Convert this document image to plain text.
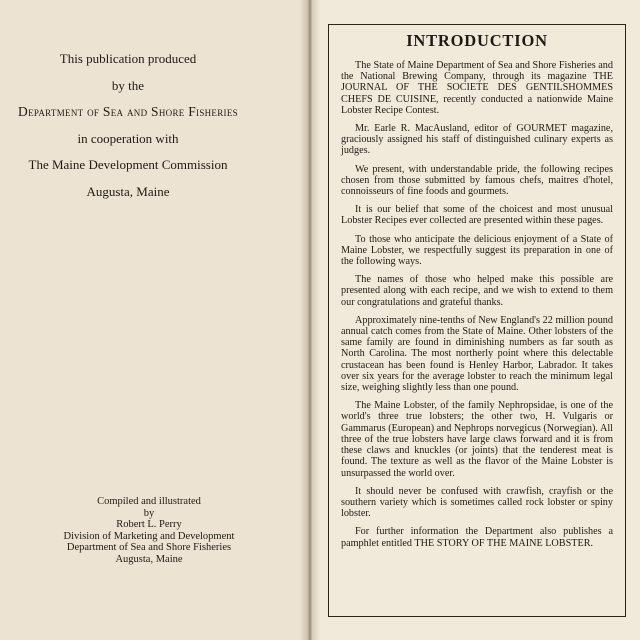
This publication produced
by the
Department of Sea and Shore Fisheries
in cooperation with
The Maine Development Commission
Augusta, Maine
Compiled and illustrated
by
Robert L. Perry
Division of Marketing and Development
Department of Sea and Shore Fisheries
Augusta, Maine
INTRODUCTION

The State of Maine Department of Sea and Shore Fisheries and the National Brewing Company, through its magazine THE JOURNAL OF THE SOCIETE DES GENTILSHOMMES CHEFS DE CUISINE, recently conducted a nationwide Maine Lobster Recipe Contest.

Mr. Earle R. MacAusland, editor of GOURMET magazine, graciously assigned his staff of distinguished culinary experts as judges.

We present, with understandable pride, the following recipes chosen from those submitted by famous chefs, maitres d'hotel, connoisseurs of fine foods and gourmets.

It is our belief that some of the choicest and most unusual Lobster Recipes ever collected are presented within these pages.

To those who anticipate the delicious enjoyment of a State of Maine Lobster, we respectfully suggest its preparation in one of the following ways.

The names of those who helped make this possible are presented along with each recipe, and we wish to extend to them our congratulations and grateful thanks.

Approximately nine-tenths of New England's 22 million pound annual catch comes from the State of Maine. Other lobsters of the same family are found in diminishing numbers as far south as North Carolina. The most northerly point where this delectable crustacean has been found is Henley Harbor, Labrador. It takes over six years for the average lobster to reach the minimum legal size, weighing slightly less than one pound.

The Maine Lobster, of the family Nephropsidae, is one of the world's three true lobsters; the other two, H. Vulgaris or Gammarus (European) and Nephrops norvegicus (Norwegian). All three of the true lobsters have large claws forward and it is from these claws and knuckles (or joints) that the tenderest meat is found. The texture as well as the flavor of the Maine Lobster is unsurpassed the world over.

It should never be confused with crawfish, crayfish or the southern variety which is sometimes called rock lobster or spiny lobster.

For further information the Department also publishes a pamphlet entitled THE STORY OF THE MAINE LOBSTER.
